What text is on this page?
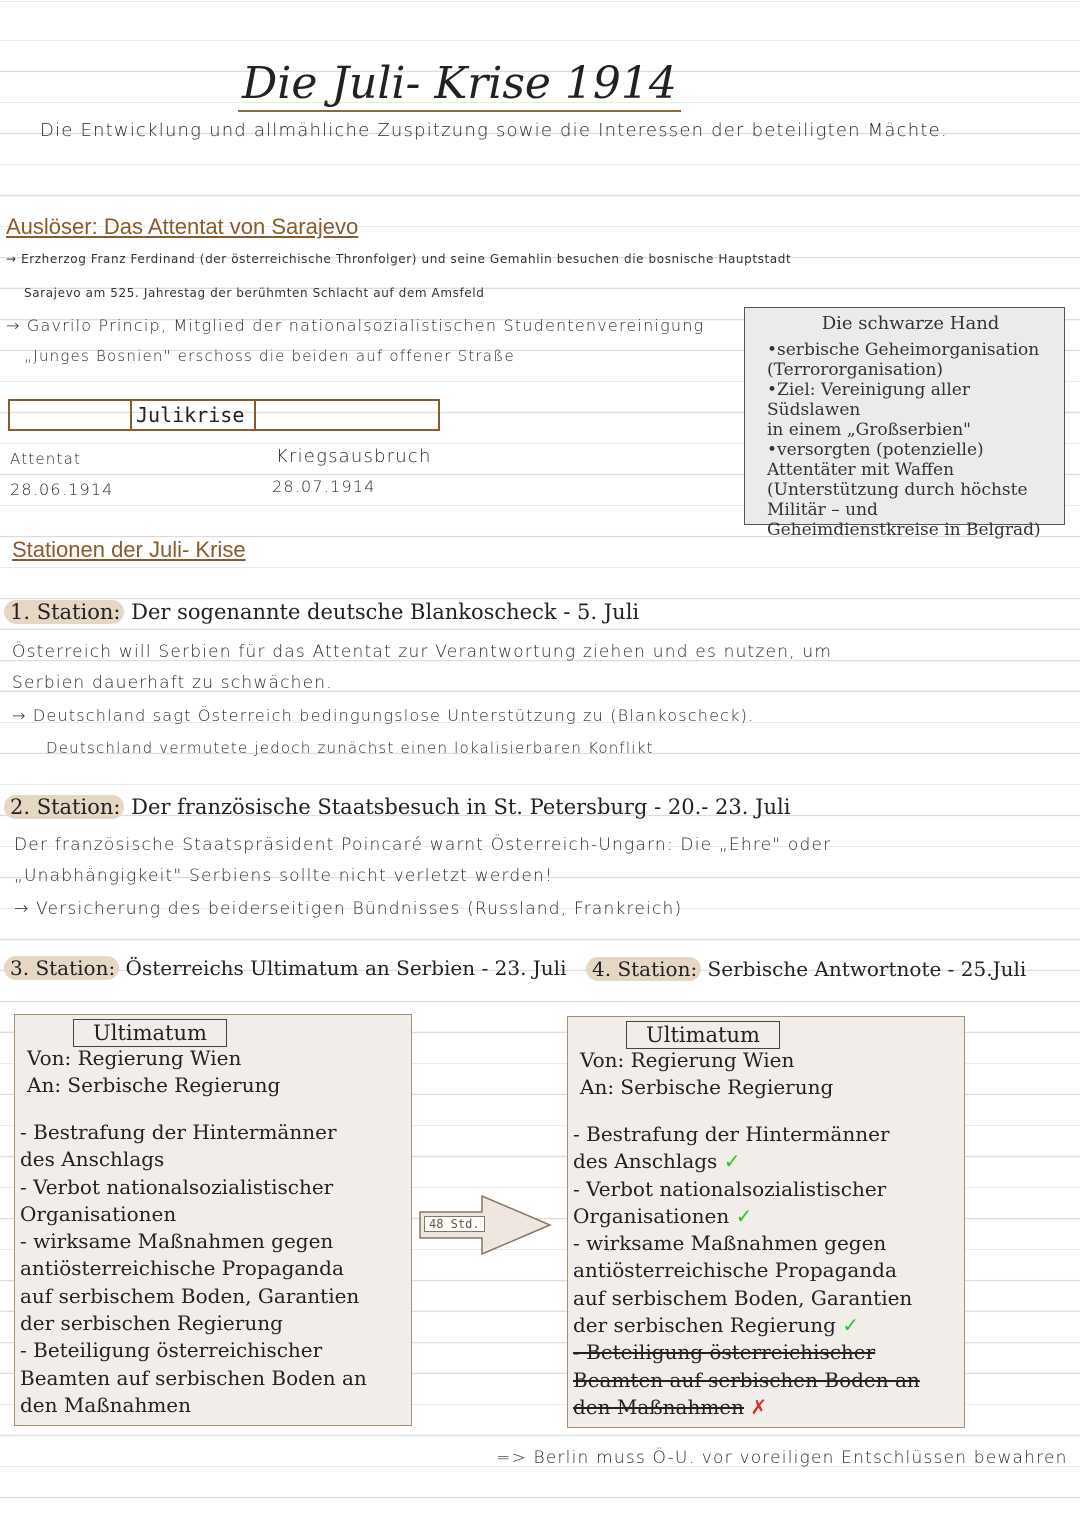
Die Juli- Krise 1914
Die Entwicklung und allmähliche Zuspitzung sowie die Interessen der beteiligten Mächte.
Auslöser: Das Attentat von Sarajevo
→ Erzherzog Franz Ferdinand (der österreichische Thronfolger) und seine Gemahlin besuchen die bosnische Hauptstadt
Sarajevo am 525. Jahrestag der berühmten Schlacht auf dem Amsfeld
→ Gavrilo Princip, Mitglied der nationalsozialistischen Studentenvereinigung
„Junges Bosnien" erschoss die beiden auf offener Straße
Die schwarze Hand
•serbische Geheimorganisation
(Terrororganisation)
•Ziel: Vereinigung aller Südslawen
in einem „Großserbien"
•versorgten (potenzielle)
Attentäter mit Waffen
(Unterstützung durch höchste
Militär – und
Geheimdienstkreise in Belgrad)
Julikrise
Attentat
28.06.1914
Kriegsausbruch
28.07.1914
Stationen der Juli- Krise
1. Station: Der sogenannte deutsche Blankoscheck - 5. Juli
Österreich will Serbien für das Attentat zur Verantwortung ziehen und es nutzen, um
Serbien dauerhaft zu schwächen.
→ Deutschland sagt Österreich bedingungslose Unterstützung zu (Blankoscheck).
Deutschland vermutete jedoch zunächst einen lokalisierbaren Konflikt
2. Station: Der französische Staatsbesuch in St. Petersburg - 20.- 23. Juli
Der französische Staatspräsident Poincaré warnt Österreich-Ungarn: Die „Ehre" oder
„Unabhängigkeit" Serbiens sollte nicht verletzt werden!
→ Versicherung des beiderseitigen Bündnisses (Russland, Frankreich)
3. Station: Österreichs Ultimatum an Serbien - 23. Juli	4. Station: Serbische Antwortnote - 25.Juli
Ultimatum
Von: Regierung Wien
An: Serbische Regierung
- Bestrafung der Hintermänner
des Anschlags
- Verbot nationalsozialistischer
Organisationen
- wirksame Maßnahmen gegen
antiösterreichische Propaganda
auf serbischem Boden, Garantien
der serbischen Regierung
- Beteiligung österreichischer
Beamten auf serbischen Boden an
den Maßnahmen
48 Std.
Ultimatum
Von: Regierung Wien
An: Serbische Regierung
- Bestrafung der Hintermänner
des Anschlags ✓
- Verbot nationalsozialistischer
Organisationen ✓
- wirksame Maßnahmen gegen
antiösterreichische Propaganda
auf serbischem Boden, Garantien
der serbischen Regierung ✓
- Beteiligung österreichischer
Beamten auf serbischen Boden an
den Maßnahmen ✗
=> Berlin muss Ö-U. vor voreiligen Entschlüssen bewahren
